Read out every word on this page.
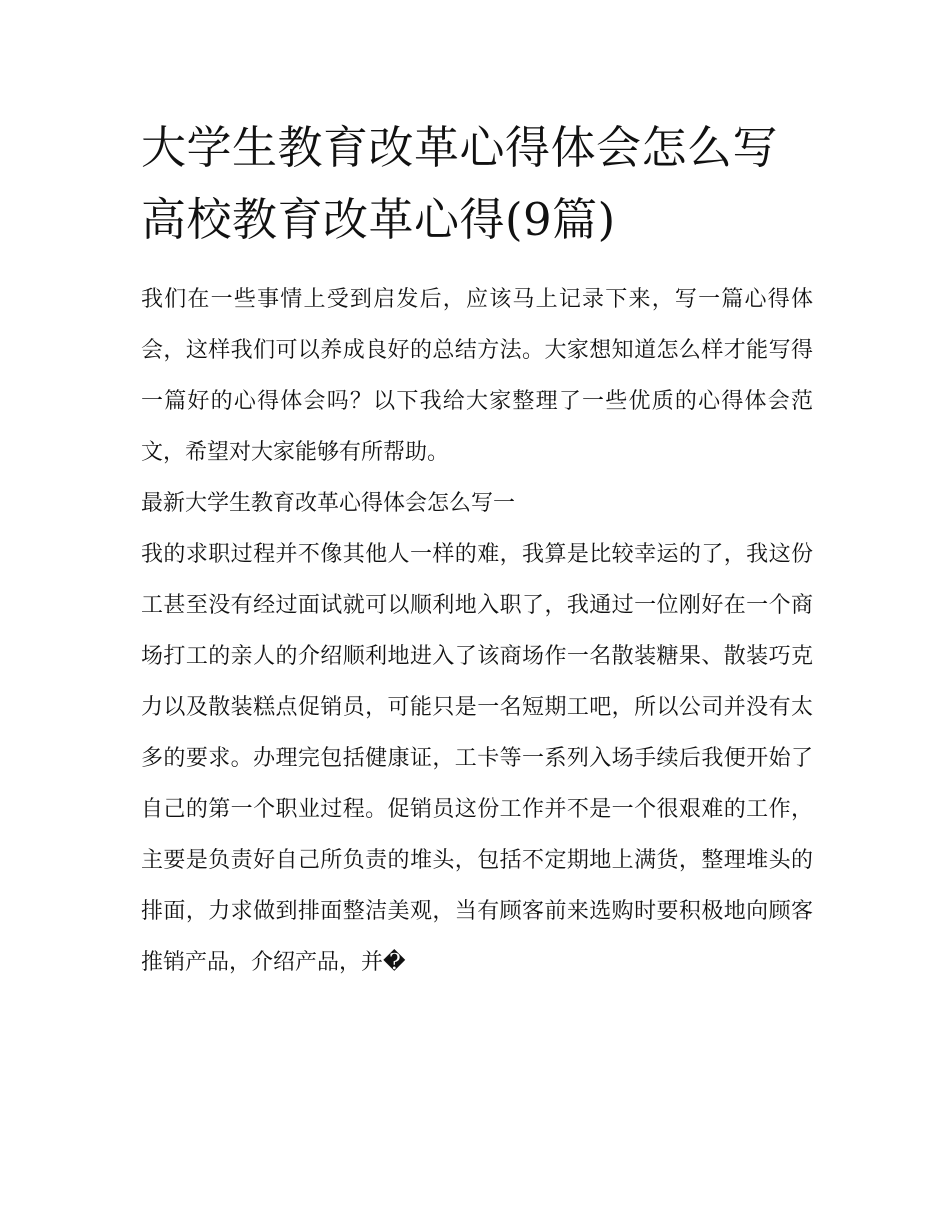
大学生教育改革心得体会怎么写 高校教育改革心得(9篇)

我们在一些事情上受到启发后，应该马上记录下来，写一篇心得体会，这样我们可以养成良好的总结方法。大家想知道怎么样才能写得一篇好的心得体会吗？以下我给大家整理了一些优质的心得体会范文，希望对大家能够有所帮助。

最新大学生教育改革心得体会怎么写一

我的求职过程并不像其他人一样的难，我算是比较幸运的了，我这份工甚至没有经过面试就可以顺利地入职了，我通过一位刚好在一个商场打工的亲人的介绍顺利地进入了该商场作一名散装糖果、散装巧克力以及散装糕点促销员，可能只是一名短期工吧，所以公司并没有太多的要求。办理完包括健康证，工卡等一系列入场手续后我便开始了自己的第一个职业过程。促销员这份工作并不是一个很艰难的工作，主要是负责好自己所负责的堆头，包括不定期地上满货，整理堆头的排面，力求做到排面整洁美观，当有顾客前来选购时要积极地向顾客推销产品，介绍产品，并�
